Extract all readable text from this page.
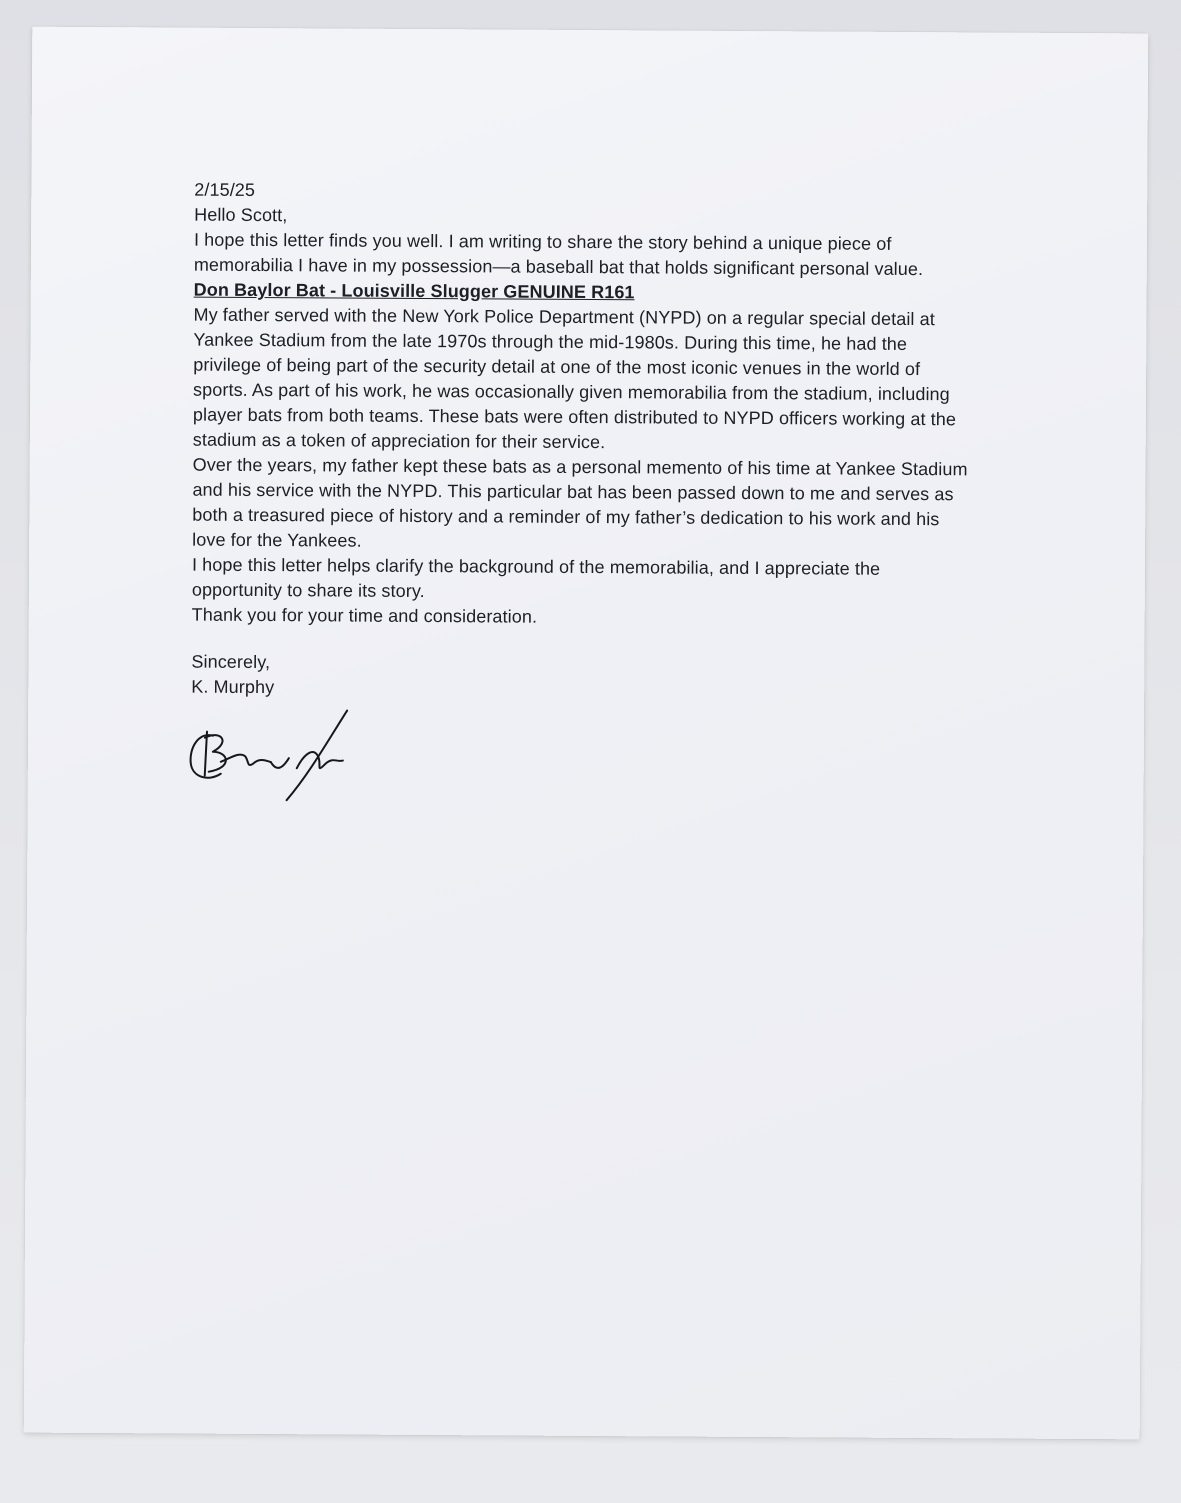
2/15/25

Hello Scott,

I hope this letter finds you well. I am writing to share the story behind a unique piece of
memorabilia I have in my possession—a baseball bat that holds significant personal value.

Don Baylor Bat - Louisville Slugger GENUINE R161

My father served with the New York Police Department (NYPD) on a regular special detail at
Yankee Stadium from the late 1970s through the mid-1980s. During this time, he had the
privilege of being part of the security detail at one of the most iconic venues in the world of
sports. As part of his work, he was occasionally given memorabilia from the stadium, including
player bats from both teams. These bats were often distributed to NYPD officers working at the
stadium as a token of appreciation for their service.

Over the years, my father kept these bats as a personal memento of his time at Yankee Stadium
and his service with the NYPD. This particular bat has been passed down to me and serves as
both a treasured piece of history and a reminder of my father’s dedication to his work and his
love for the Yankees.

I hope this letter helps clarify the background of the memorabilia, and I appreciate the
opportunity to share its story.

Thank you for your time and consideration.

Sincerely,
K. Murphy
